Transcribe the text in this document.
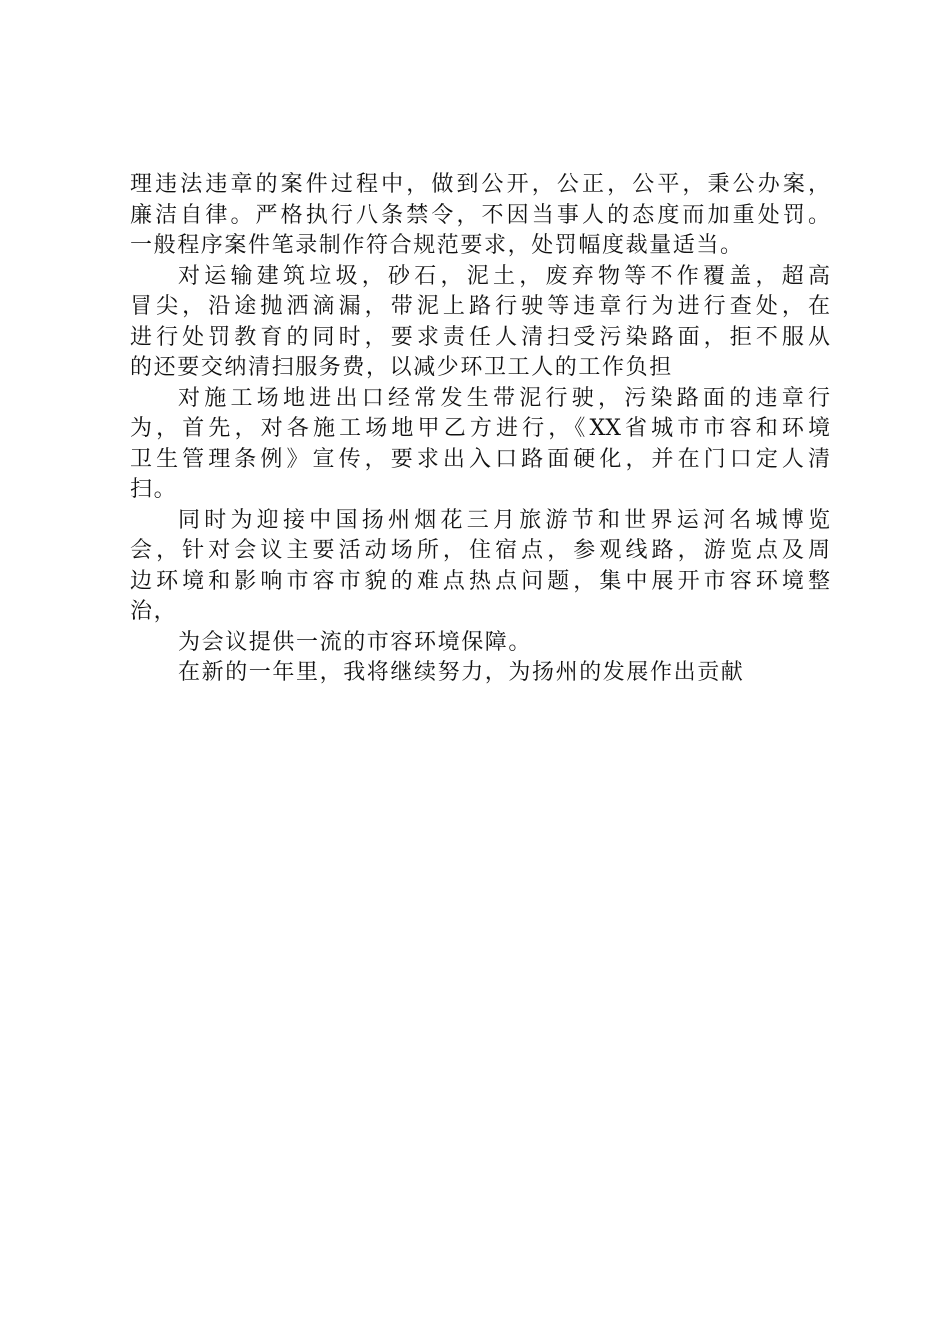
理违法违章的案件过程中，做到公开，公正，公平，秉公办案，
廉洁自律。严格执行八条禁令，不因当事人的态度而加重处罚。
一般程序案件笔录制作符合规范要求，处罚幅度裁量适当。
对运输建筑垃圾，砂石，泥土，废弃物等不作覆盖，超高
冒尖，沿途抛洒滴漏，带泥上路行驶等违章行为进行查处，在
进行处罚教育的同时，要求责任人清扫受污染路面，拒不服从
的还要交纳清扫服务费，以减少环卫工人的工作负担
对施工场地进出口经常发生带泥行驶，污染路面的违章行
为，首先，对各施工场地甲乙方进行，《XX省城市市容和环境
卫生管理条例》宣传，要求出入口路面硬化，并在门口定人清
扫。
同时为迎接中国扬州烟花三月旅游节和世界运河名城博览
会，针对会议主要活动场所，住宿点，参观线路，游览点及周
边环境和影响市容市貌的难点热点问题，集中展开市容环境整
治，
为会议提供一流的市容环境保障。
在新的一年里，我将继续努力，为扬州的发展作出贡献
